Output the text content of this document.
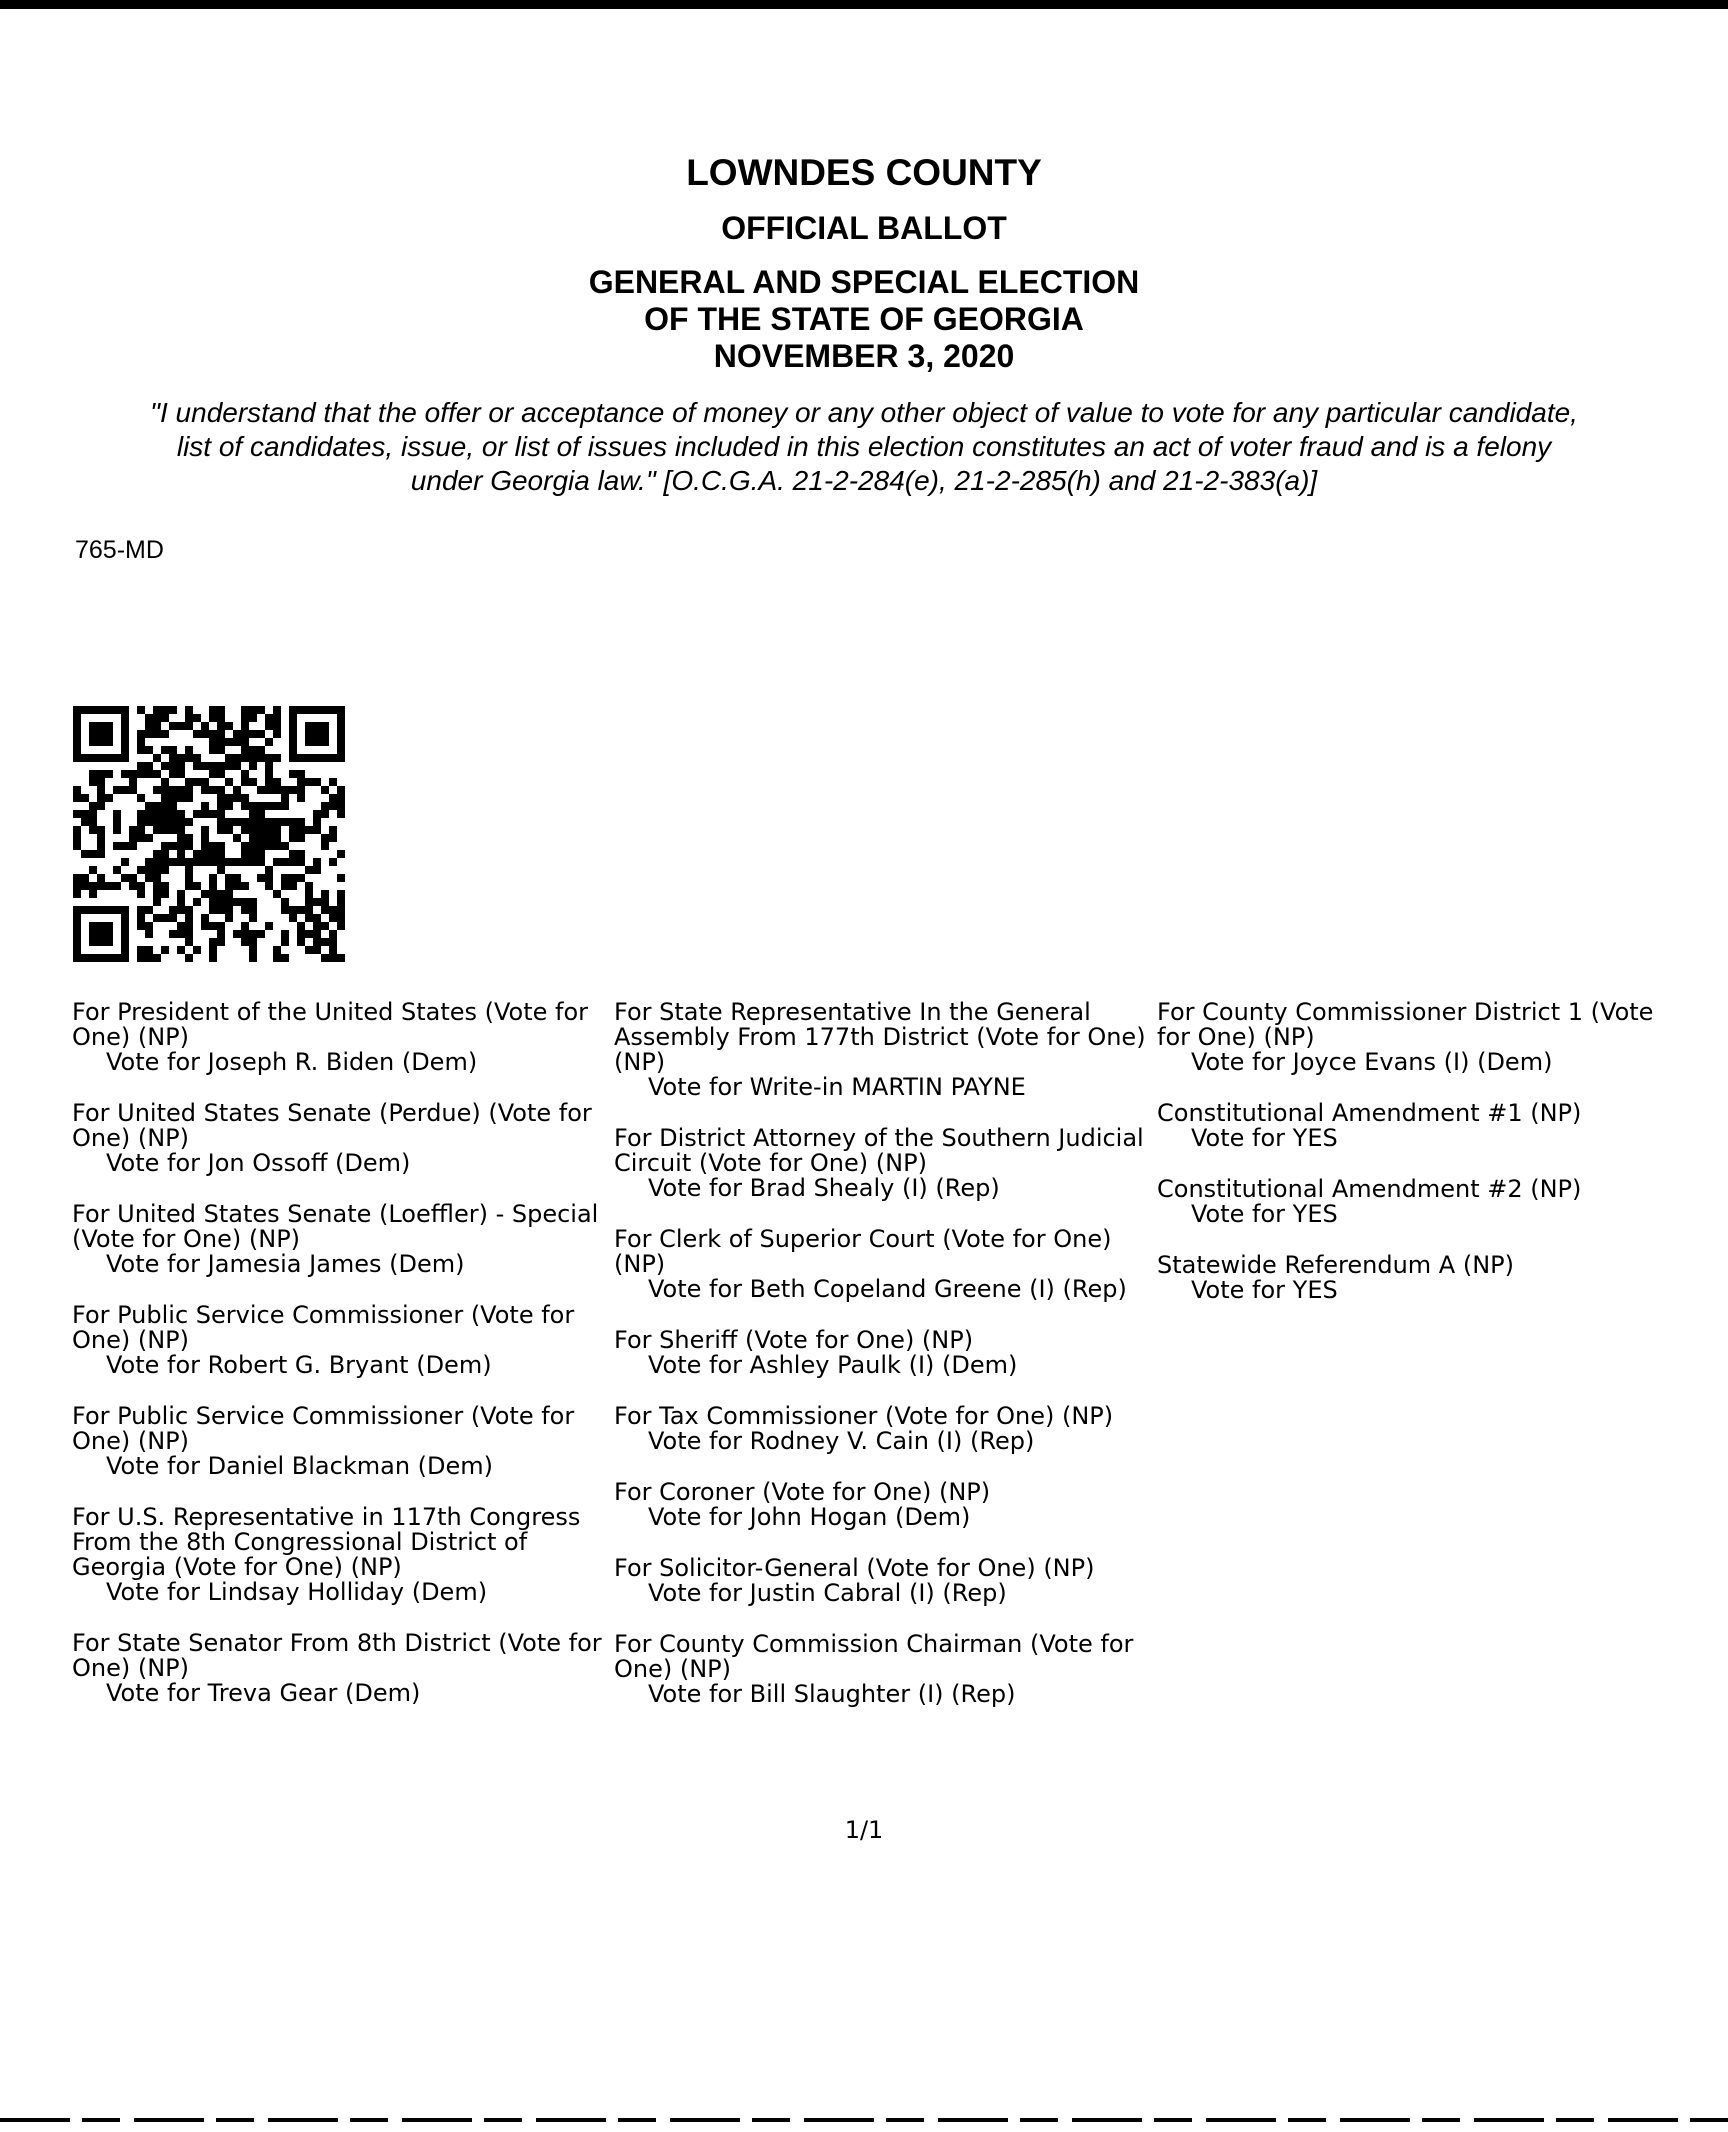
LOWNDES COUNTY
OFFICIAL BALLOT
GENERAL AND SPECIAL ELECTION
OF THE STATE OF GEORGIA
NOVEMBER 3, 2020
"I understand that the offer or acceptance of money or any other object of value to vote for any particular candidate,
list of candidates, issue, or list of issues included in this election constitutes an act of voter fraud and is a felony
under Georgia law." [O.C.G.A. 21-2-284(e), 21-2-285(h) and 21-2-383(a)]
765-MD
For President of the United States (Vote for One) (NP)
Vote for Joseph R. Biden (Dem)
For United States Senate (Perdue) (Vote for One) (NP)
Vote for Jon Ossoff (Dem)
For United States Senate (Loeffler) - Special (Vote for One) (NP)
Vote for Jamesia James (Dem)
For Public Service Commissioner (Vote for One) (NP)
Vote for Robert G. Bryant (Dem)
For Public Service Commissioner (Vote for One) (NP)
Vote for Daniel Blackman (Dem)
For U.S. Representative in 117th Congress From the 8th Congressional District of Georgia (Vote for One) (NP)
Vote for Lindsay Holliday (Dem)
For State Senator From 8th District (Vote for One) (NP)
Vote for Treva Gear (Dem)
For State Representative In the General Assembly From 177th District (Vote for One) (NP)
Vote for Write-in MARTIN PAYNE
For District Attorney of the Southern Judicial Circuit (Vote for One) (NP)
Vote for Brad Shealy (I) (Rep)
For Clerk of Superior Court (Vote for One) (NP)
Vote for Beth Copeland Greene (I) (Rep)
For Sheriff (Vote for One) (NP)
Vote for Ashley Paulk (I) (Dem)
For Tax Commissioner (Vote for One) (NP)
Vote for Rodney V. Cain (I) (Rep)
For Coroner (Vote for One) (NP)
Vote for John Hogan (Dem)
For Solicitor-General (Vote for One) (NP)
Vote for Justin Cabral (I) (Rep)
For County Commission Chairman (Vote for One) (NP)
Vote for Bill Slaughter (I) (Rep)
For County Commissioner District 1 (Vote
for One) (NP)
Vote for Joyce Evans (I) (Dem)
Constitutional Amendment #1 (NP)
Vote for YES
Constitutional Amendment #2 (NP)
Vote for YES
Statewide Referendum A (NP)
Vote for YES
1/1
